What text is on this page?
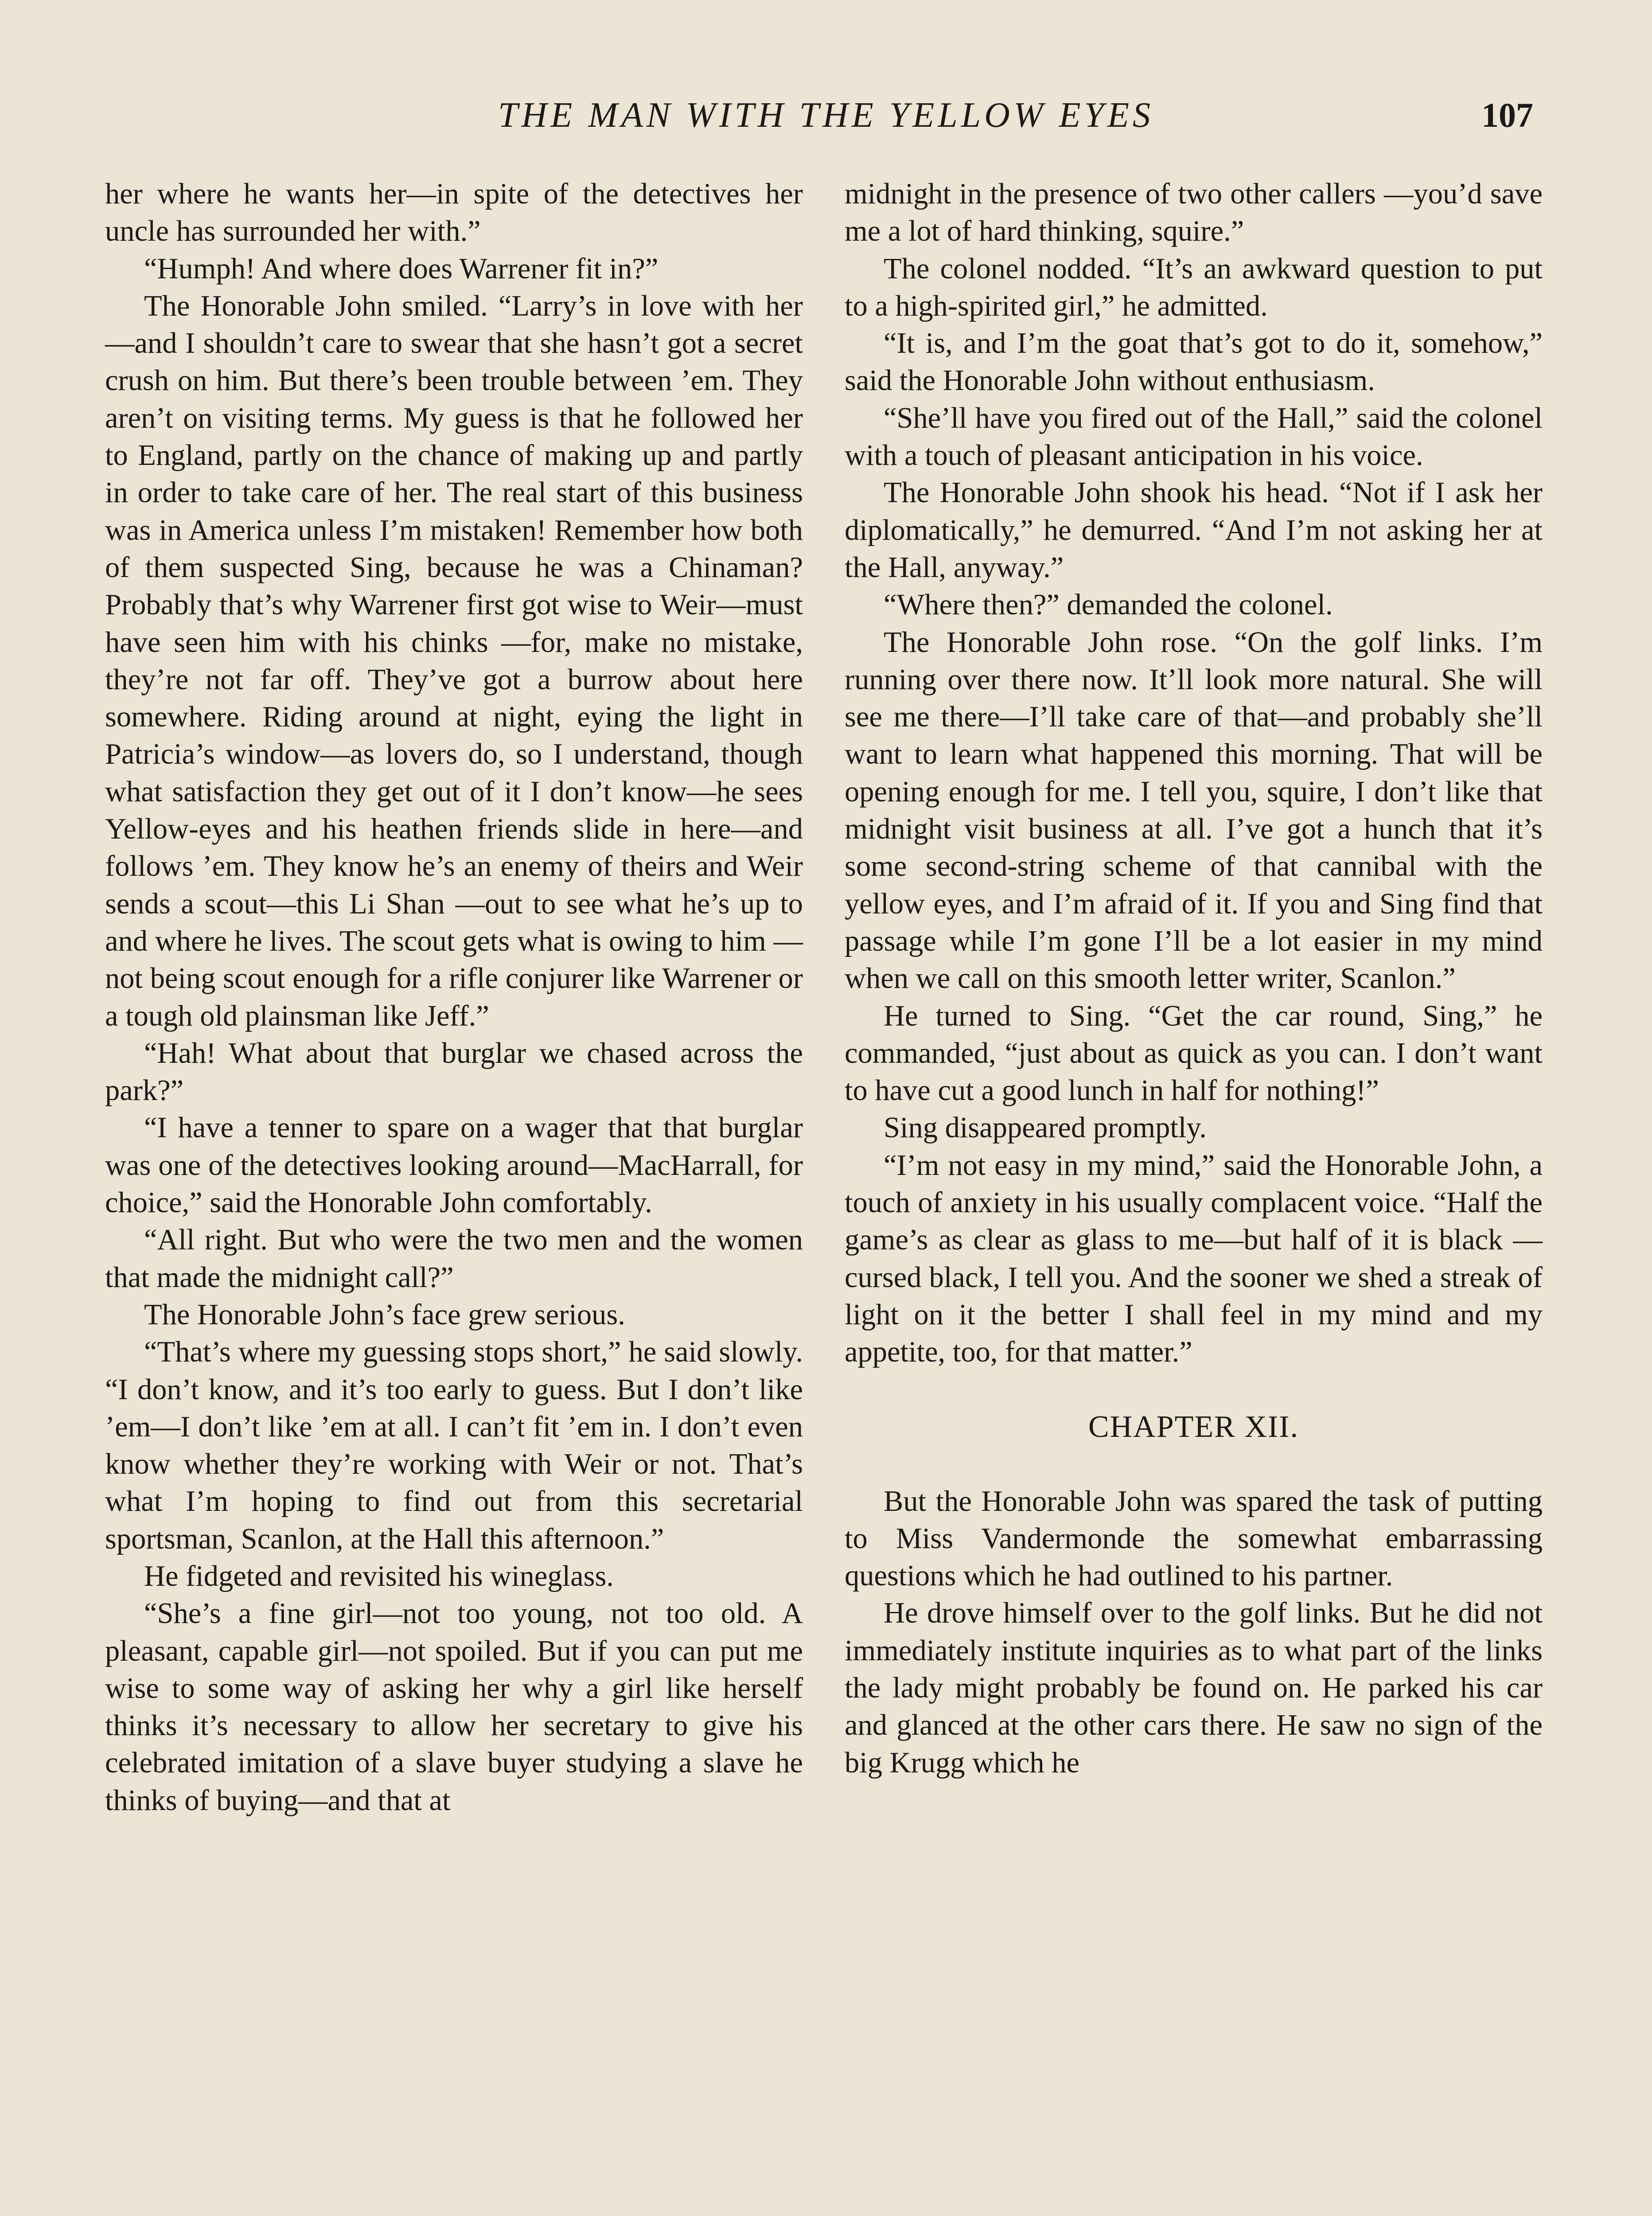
THE MAN WITH THE YELLOW EYES	107

her where he wants her—in spite of the detectives her uncle has surrounded her with.”

“Humph! And where does Warrener fit in?”

The Honorable John smiled. “Larry’s in love with her—and I shouldn’t care to swear that she hasn’t got a secret crush on him. But there’s been trouble between ’em. They aren’t on visiting terms. My guess is that he followed her to England, partly on the chance of making up and partly in order to take care of her. The real start of this business was in America unless I’m mistaken! Remember how both of them suspected Sing, because he was a Chinaman? Probably that’s why Warrener first got wise to Weir—must have seen him with his chinks —for, make no mistake, they’re not far off. They’ve got a burrow about here somewhere. Riding around at night, eying the light in Patricia’s window—as lovers do, so I understand, though what satisfaction they get out of it I don’t know—he sees Yellow-eyes and his heathen friends slide in here—and follows ’em. They know he’s an enemy of theirs and Weir sends a scout—this Li Shan —out to see what he’s up to and where he lives. The scout gets what is owing to him —not being scout enough for a rifle conjurer like Warrener or a tough old plainsman like Jeff.”

“Hah! What about that burglar we chased across the park?”

“I have a tenner to spare on a wager that that burglar was one of the detectives looking around—MacHarrall, for choice,” said the Honorable John comfortably.

“All right. But who were the two men and the women that made the midnight call?”

The Honorable John’s face grew serious.

“That’s where my guessing stops short,” he said slowly. “I don’t know, and it’s too early to guess. But I don’t like ’em—I don’t like ’em at all. I can’t fit ’em in. I don’t even know whether they’re working with Weir or not. That’s what I’m hoping to find out from this secretarial sportsman, Scanlon, at the Hall this afternoon.”

He fidgeted and revisited his wineglass.

“She’s a fine girl—not too young, not too old. A pleasant, capable girl—not spoiled. But if you can put me wise to some way of asking her why a girl like herself thinks it’s necessary to allow her secretary to give his celebrated imitation of a slave buyer studying a slave he thinks of buying—and that at

midnight in the presence of two other callers —you’d save me a lot of hard thinking, squire.”

The colonel nodded. “It’s an awkward question to put to a high-spirited girl,” he admitted.

“It is, and I’m the goat that’s got to do it, somehow,” said the Honorable John without enthusiasm.

“She’ll have you fired out of the Hall,” said the colonel with a touch of pleasant anticipation in his voice.

The Honorable John shook his head. “Not if I ask her diplomatically,” he demurred. “And I’m not asking her at the Hall, anyway.”

“Where then?” demanded the colonel.

The Honorable John rose. “On the golf links. I’m running over there now. It’ll look more natural. She will see me there—I’ll take care of that—and probably she’ll want to learn what happened this morning. That will be opening enough for me. I tell you, squire, I don’t like that midnight visit business at all. I’ve got a hunch that it’s some second-string scheme of that cannibal with the yellow eyes, and I’m afraid of it. If you and Sing find that passage while I’m gone I’ll be a lot easier in my mind when we call on this smooth letter writer, Scanlon.”

He turned to Sing. “Get the car round, Sing,” he commanded, “just about as quick as you can. I don’t want to have cut a good lunch in half for nothing!”

Sing disappeared promptly.

“I’m not easy in my mind,” said the Honorable John, a touch of anxiety in his usually complacent voice. “Half the game’s as clear as glass to me—but half of it is black —cursed black, I tell you. And the sooner we shed a streak of light on it the better I shall feel in my mind and my appetite, too, for that matter.”

CHAPTER XII.

But the Honorable John was spared the task of putting to Miss Vandermonde the somewhat embarrassing questions which he had outlined to his partner.

He drove himself over to the golf links. But he did not immediately institute inquiries as to what part of the links the lady might probably be found on. He parked his car and glanced at the other cars there. He saw no sign of the big Krugg which he
